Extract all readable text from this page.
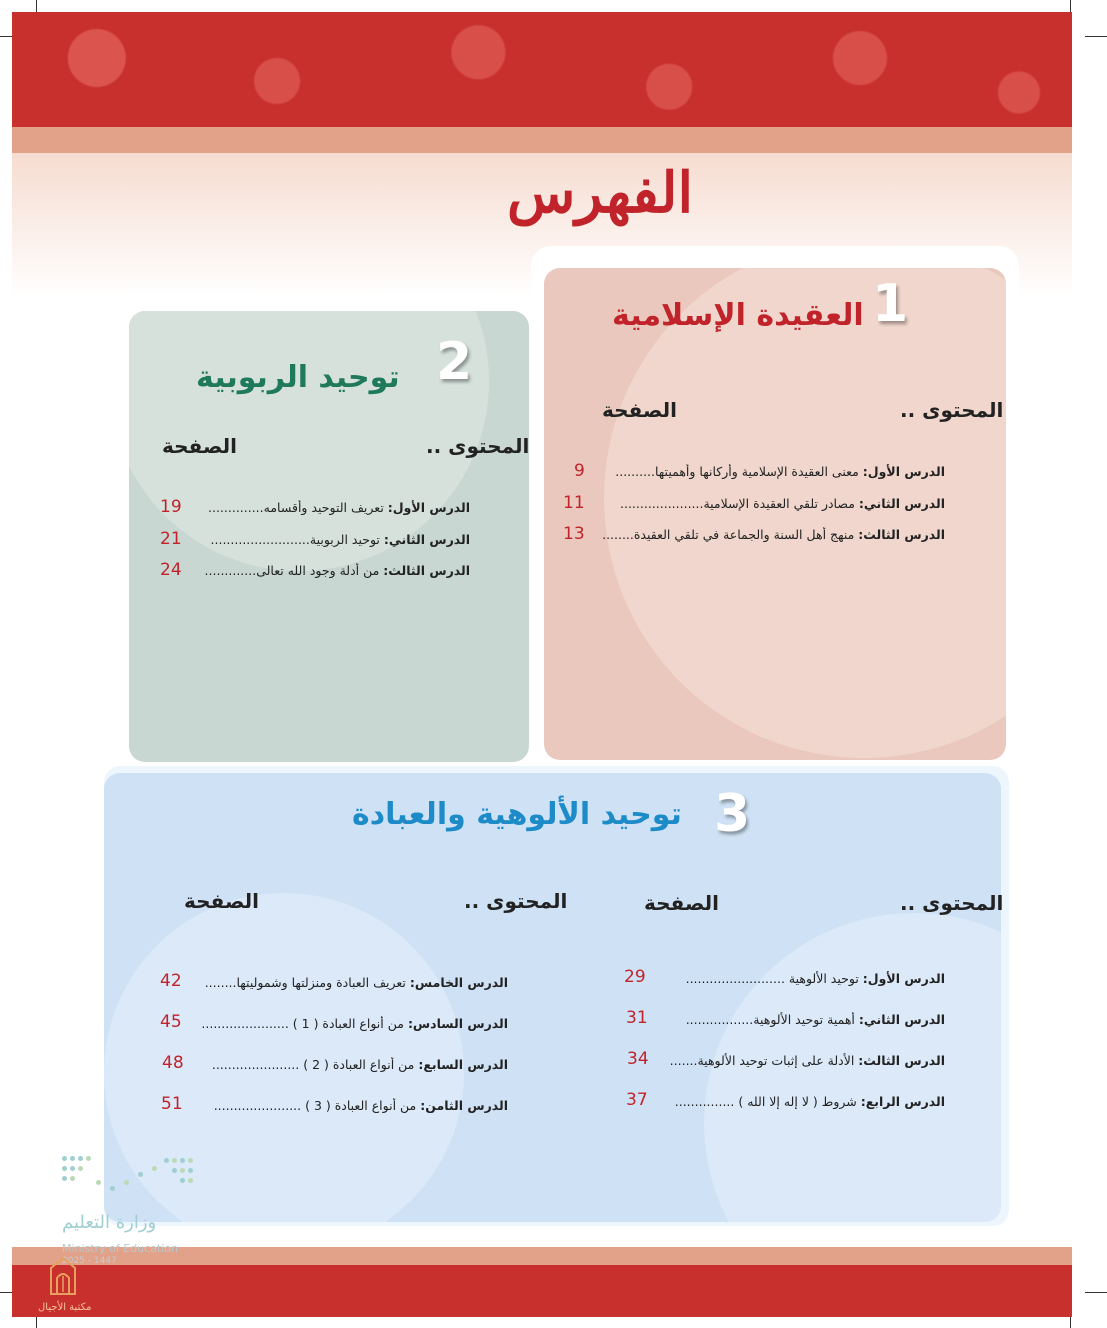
الفهرس
1
العقيدة الإسلامية
المحتوى ..
الصفحة
الدرس الأول: معنى العقيدة الإسلامية وأركانها وأهميتها..........
9
الدرس الثاني: مصادر تلقي العقيدة الإسلامية.....................
11
الدرس الثالث: منهج أهل السنة والجماعة في تلقي العقيدة........
13
2
توحيد الربوبية
المحتوى ..
الصفحة
الدرس الأول: تعريف التوحيد وأقسامه..............
19
الدرس الثاني: توحيد الربوبية.........................
21
الدرس الثالث: من أدلة وجود الله تعالى.............
24
3
توحيد الألوهية والعبادة
المحتوى ..
الصفحة
الدرس الأول: توحيد الألوهية .........................
29
الدرس الثاني: أهمية توحيد الألوهية.................
31
الدرس الثالث: الأدلة على إثبات توحيد الألوهية.......
34
الدرس الرابع: شروط ( لا إله إلا الله ) ...............
37
المحتوى ..
الصفحة
الدرس الخامس: تعريف العبادة ومنزلتها وشموليتها........
42
الدرس السادس: من أنواع العبادة ( 1 ) ......................
45
الدرس السابع: من أنواع العبادة ( 2 ) ......................
48
الدرس الثامن: من أنواع العبادة ( 3 ) ......................
51
وزارة التعليم
Ministry of Education
2025 - 1447
مكتبة الأجيال
